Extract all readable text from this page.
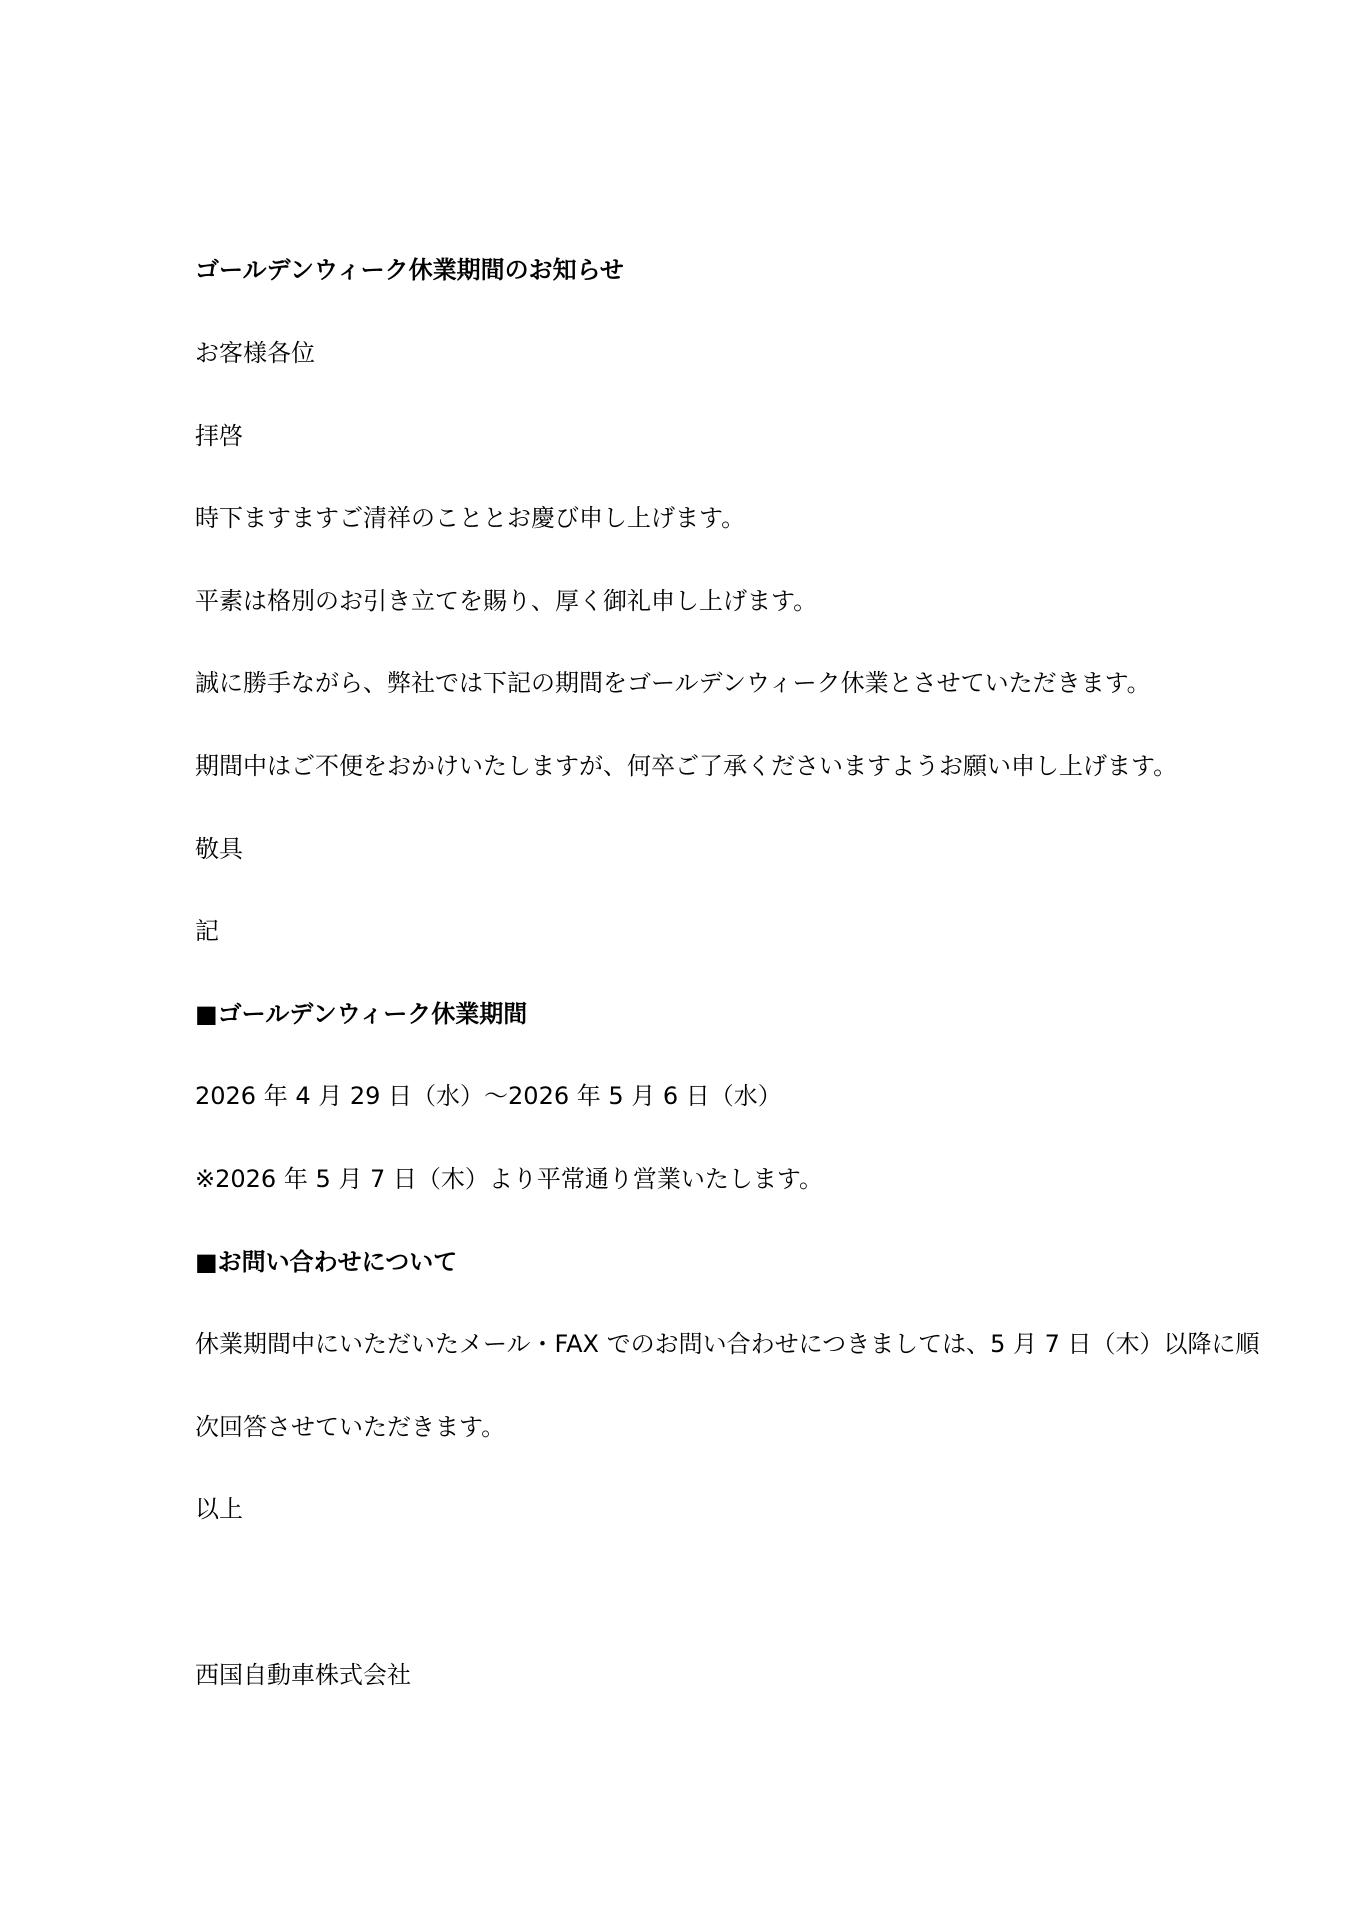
ゴールデンウィーク休業期間のお知らせ
お客様各位
拝啓
時下ますますご清祥のこととお慶び申し上げます。
平素は格別のお引き立てを賜り、厚く御礼申し上げます。
誠に勝手ながら、弊社では下記の期間をゴールデンウィーク休業とさせていただきます。
期間中はご不便をおかけいたしますが、何卒ご了承くださいますようお願い申し上げます。
敬具
記
■ゴールデンウィーク休業期間
2026 年 4 月 29 日（水）〜2026 年 5 月 6 日（水）
※2026 年 5 月 7 日（木）より平常通り営業いたします。
■お問い合わせについて
休業期間中にいただいたメール・FAX でのお問い合わせにつきましては、5 月 7 日（木）以降に順
次回答させていただきます。
以上
西国自動車株式会社
